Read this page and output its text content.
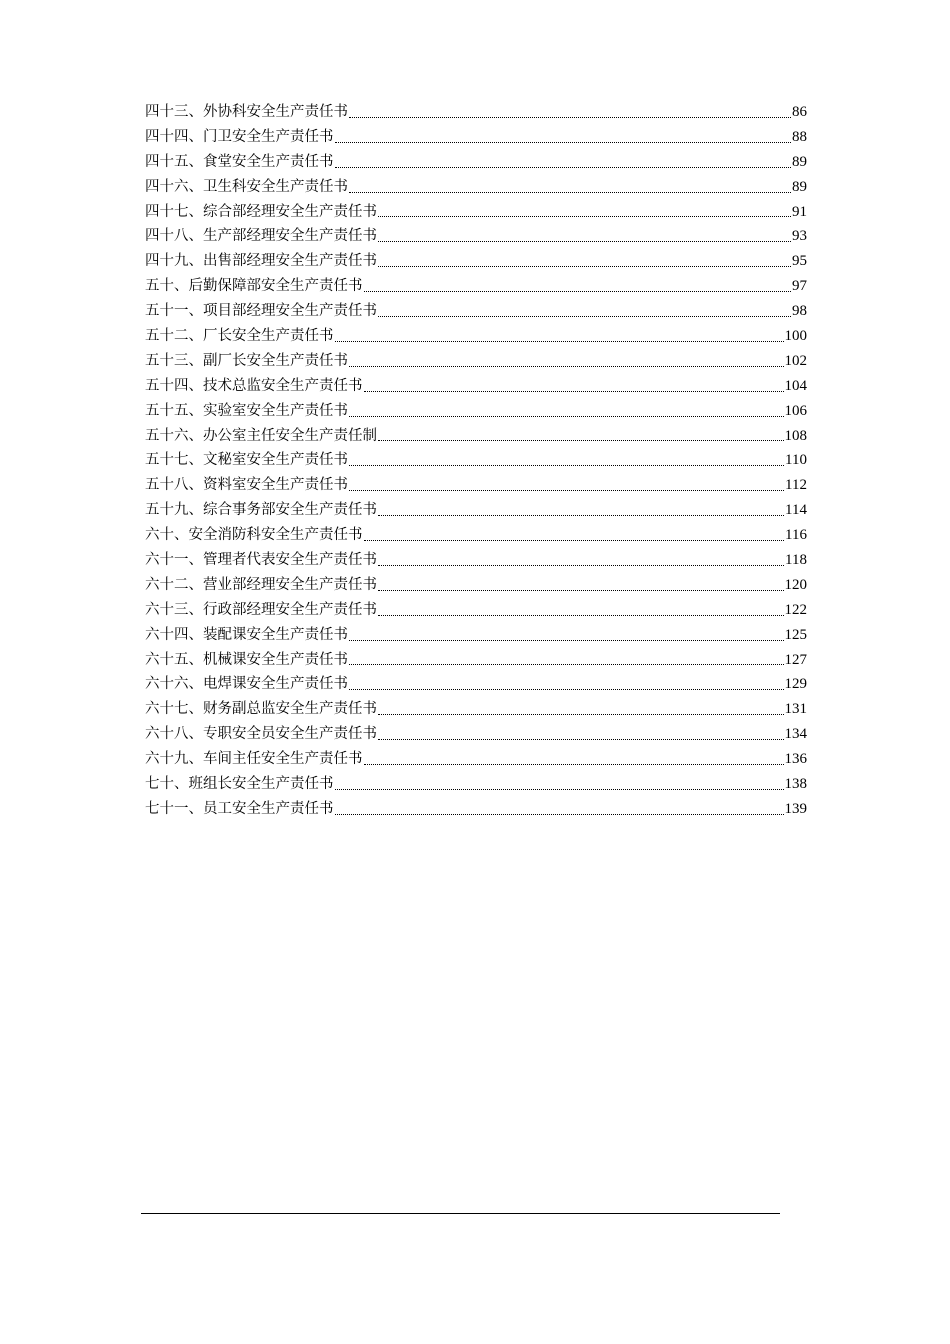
四十三、外协科安全生产责任书	86
四十四、门卫安全生产责任书	88
四十五、食堂安全生产责任书	89
四十六、卫生科安全生产责任书	89
四十七、综合部经理安全生产责任书	91
四十八、生产部经理安全生产责任书	93
四十九、出售部经理安全生产责任书	95
五十、后勤保障部安全生产责任书	97
五十一、项目部经理安全生产责任书	98
五十二、厂长安全生产责任书	100
五十三、副厂长安全生产责任书	102
五十四、技术总监安全生产责任书	104
五十五、实验室安全生产责任书	106
五十六、办公室主任安全生产责任制	108
五十七、文秘室安全生产责任书	110
五十八、资料室安全生产责任书	112
五十九、综合事务部安全生产责任书	114
六十、安全消防科安全生产责任书	116
六十一、管理者代表安全生产责任书	118
六十二、营业部经理安全生产责任书	120
六十三、行政部经理安全生产责任书	122
六十四、装配课安全生产责任书	125
六十五、机械课安全生产责任书	127
六十六、电焊课安全生产责任书	129
六十七、财务副总监安全生产责任书	131
六十八、专职安全员安全生产责任书	134
六十九、车间主任安全生产责任书	136
七十、班组长安全生产责任书	138
七十一、员工安全生产责任书	139
